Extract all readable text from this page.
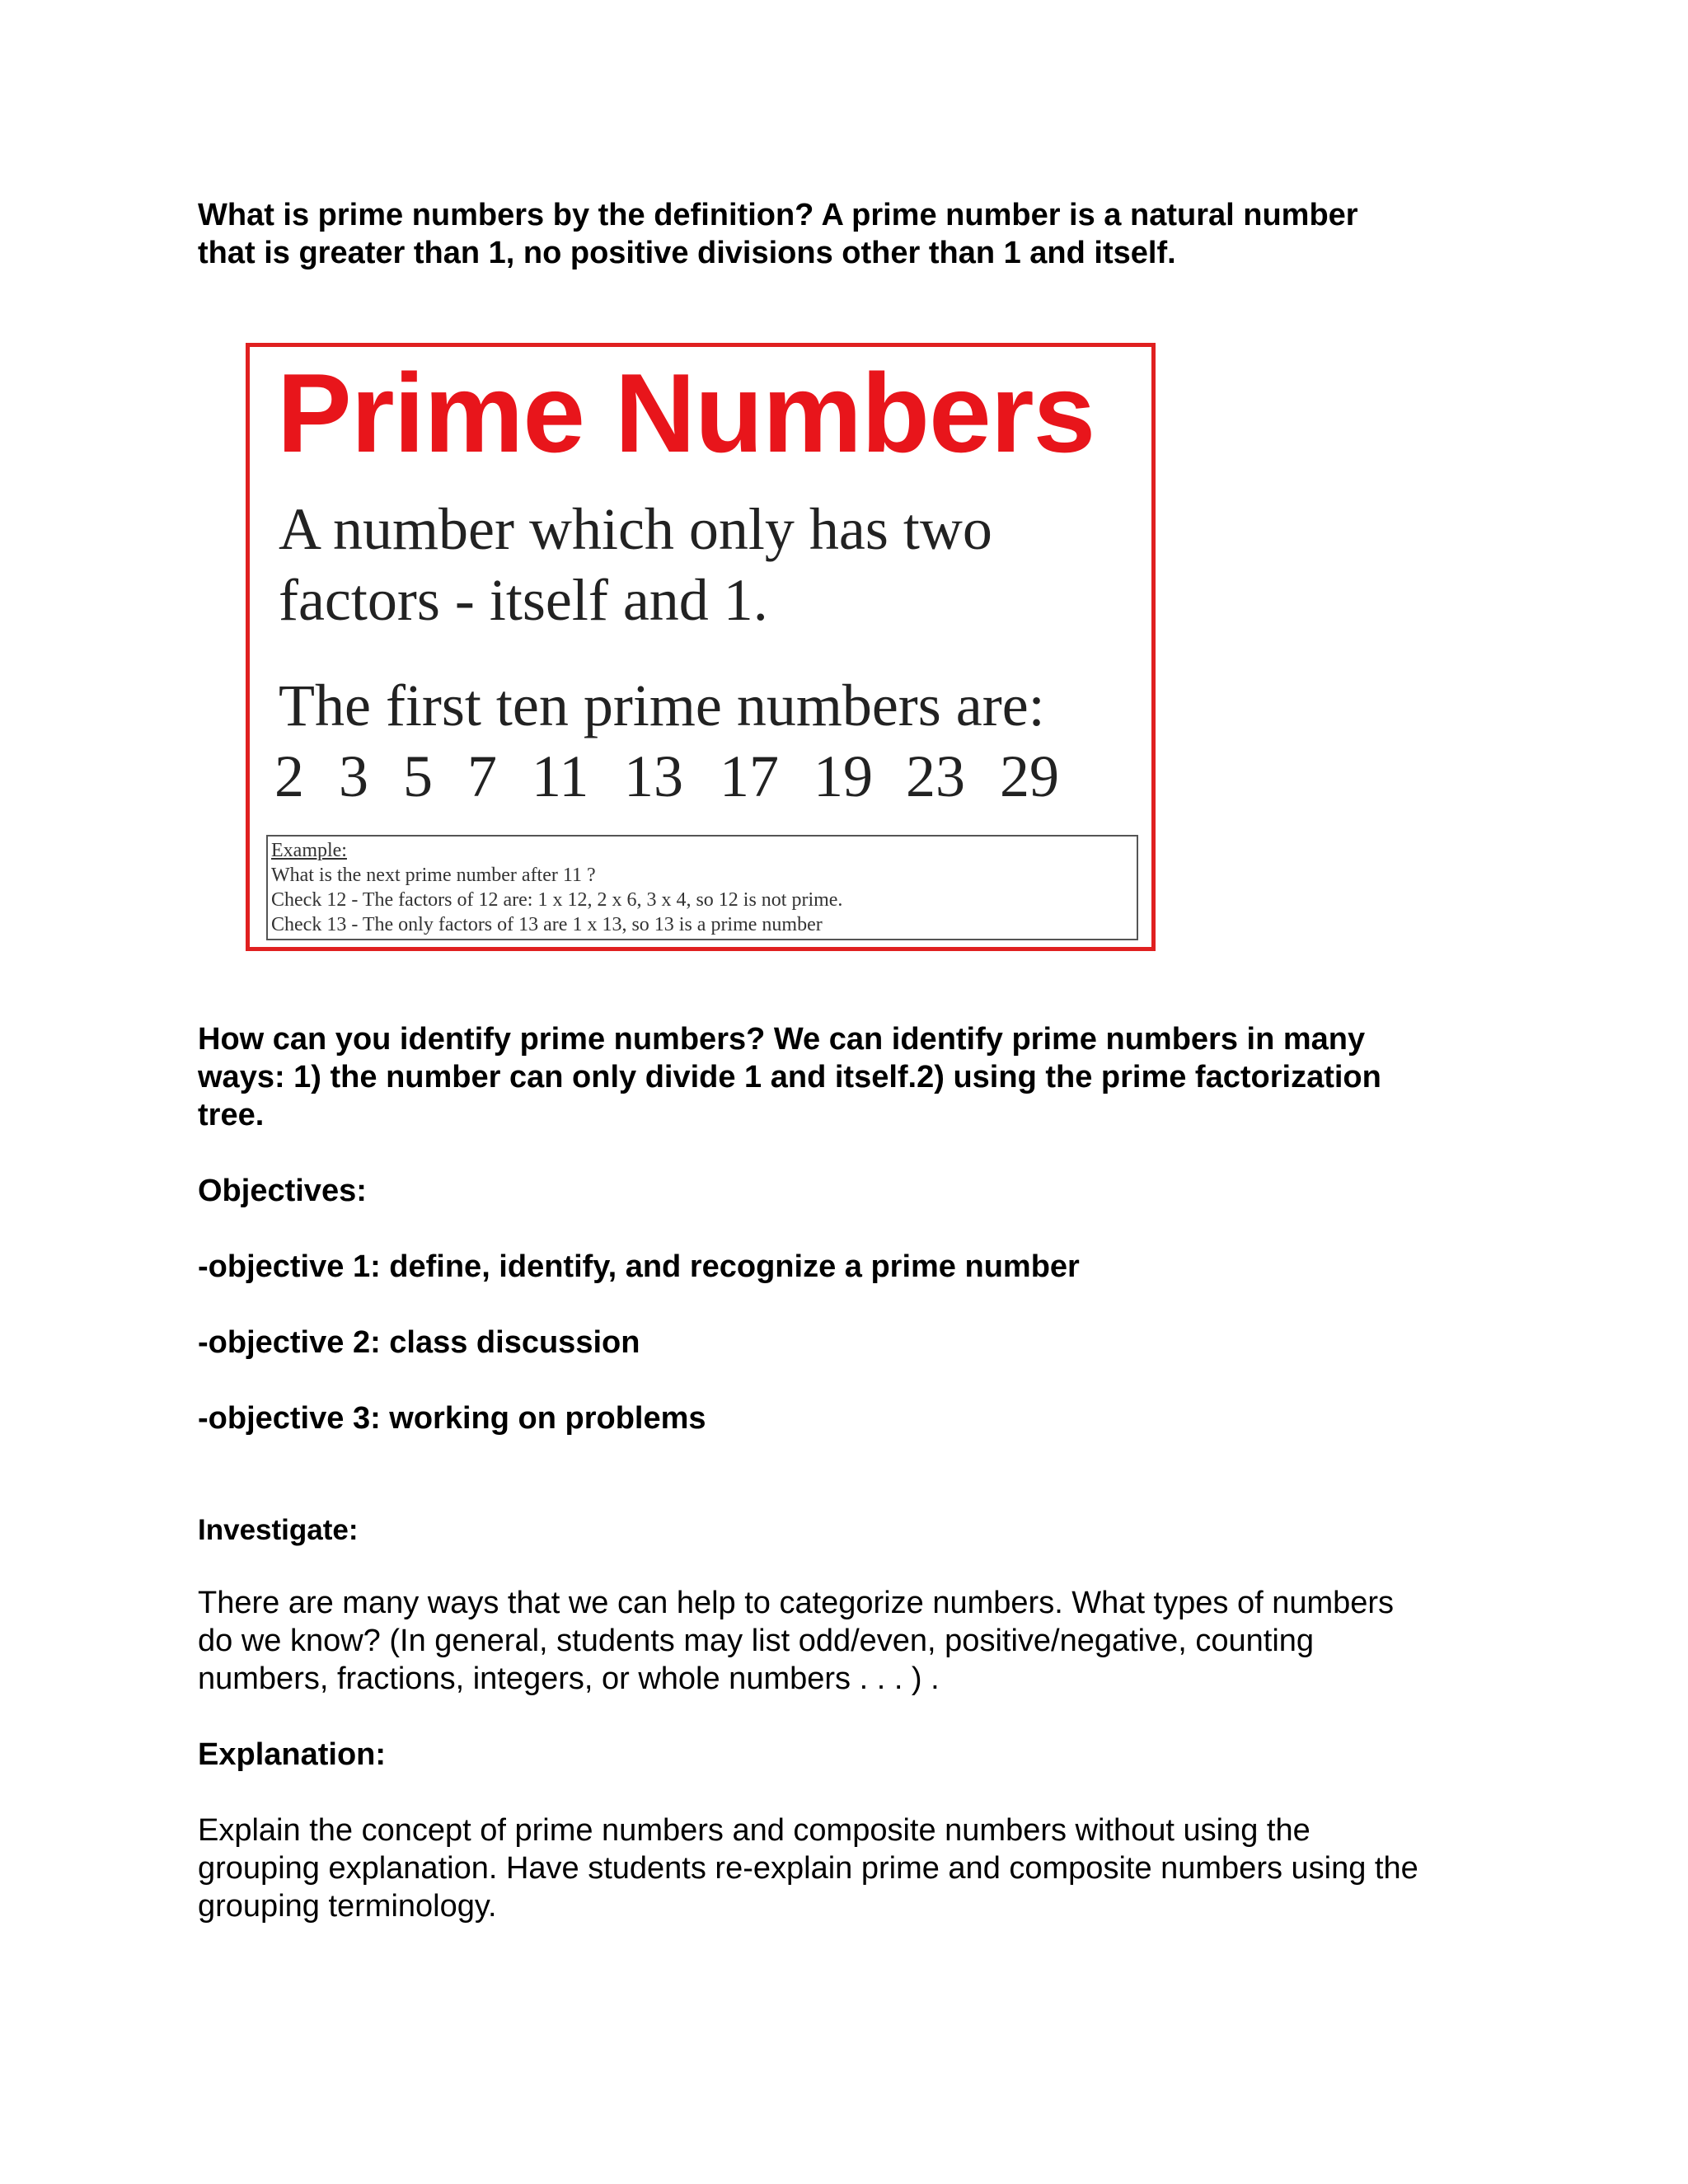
What is prime numbers by the definition? A prime number is a natural number
that is greater than 1, no positive divisions other than 1 and itself.
Prime Numbers
A number which only has two
factors - itself and 1.
The first ten prime numbers are:
2 3 5 7 11 13 17 19 23 29
Example:
What is the next prime number after 11 ?
Check 12 - The factors of 12 are: 1 x 12, 2 x 6, 3 x 4, so 12 is not prime.
Check 13 - The only factors of 13 are 1 x 13, so 13 is a prime number
How can you identify prime numbers? We can identify prime numbers in many
ways: 1) the number can only divide 1 and itself.2) using the prime factorization
tree.
Objectives:
-objective 1: define, identify, and recognize a prime number
-objective 2: class discussion
-objective 3: working on problems
Investigate:
There are many ways that we can help to categorize numbers. What types of numbers
do we know? (In general, students may list odd/even, positive/negative, counting
numbers, fractions, integers, or whole numbers . . . ) .
Explanation:
Explain the concept of prime numbers and composite numbers without using the
grouping explanation. Have students re-explain prime and composite numbers using the
grouping terminology.
